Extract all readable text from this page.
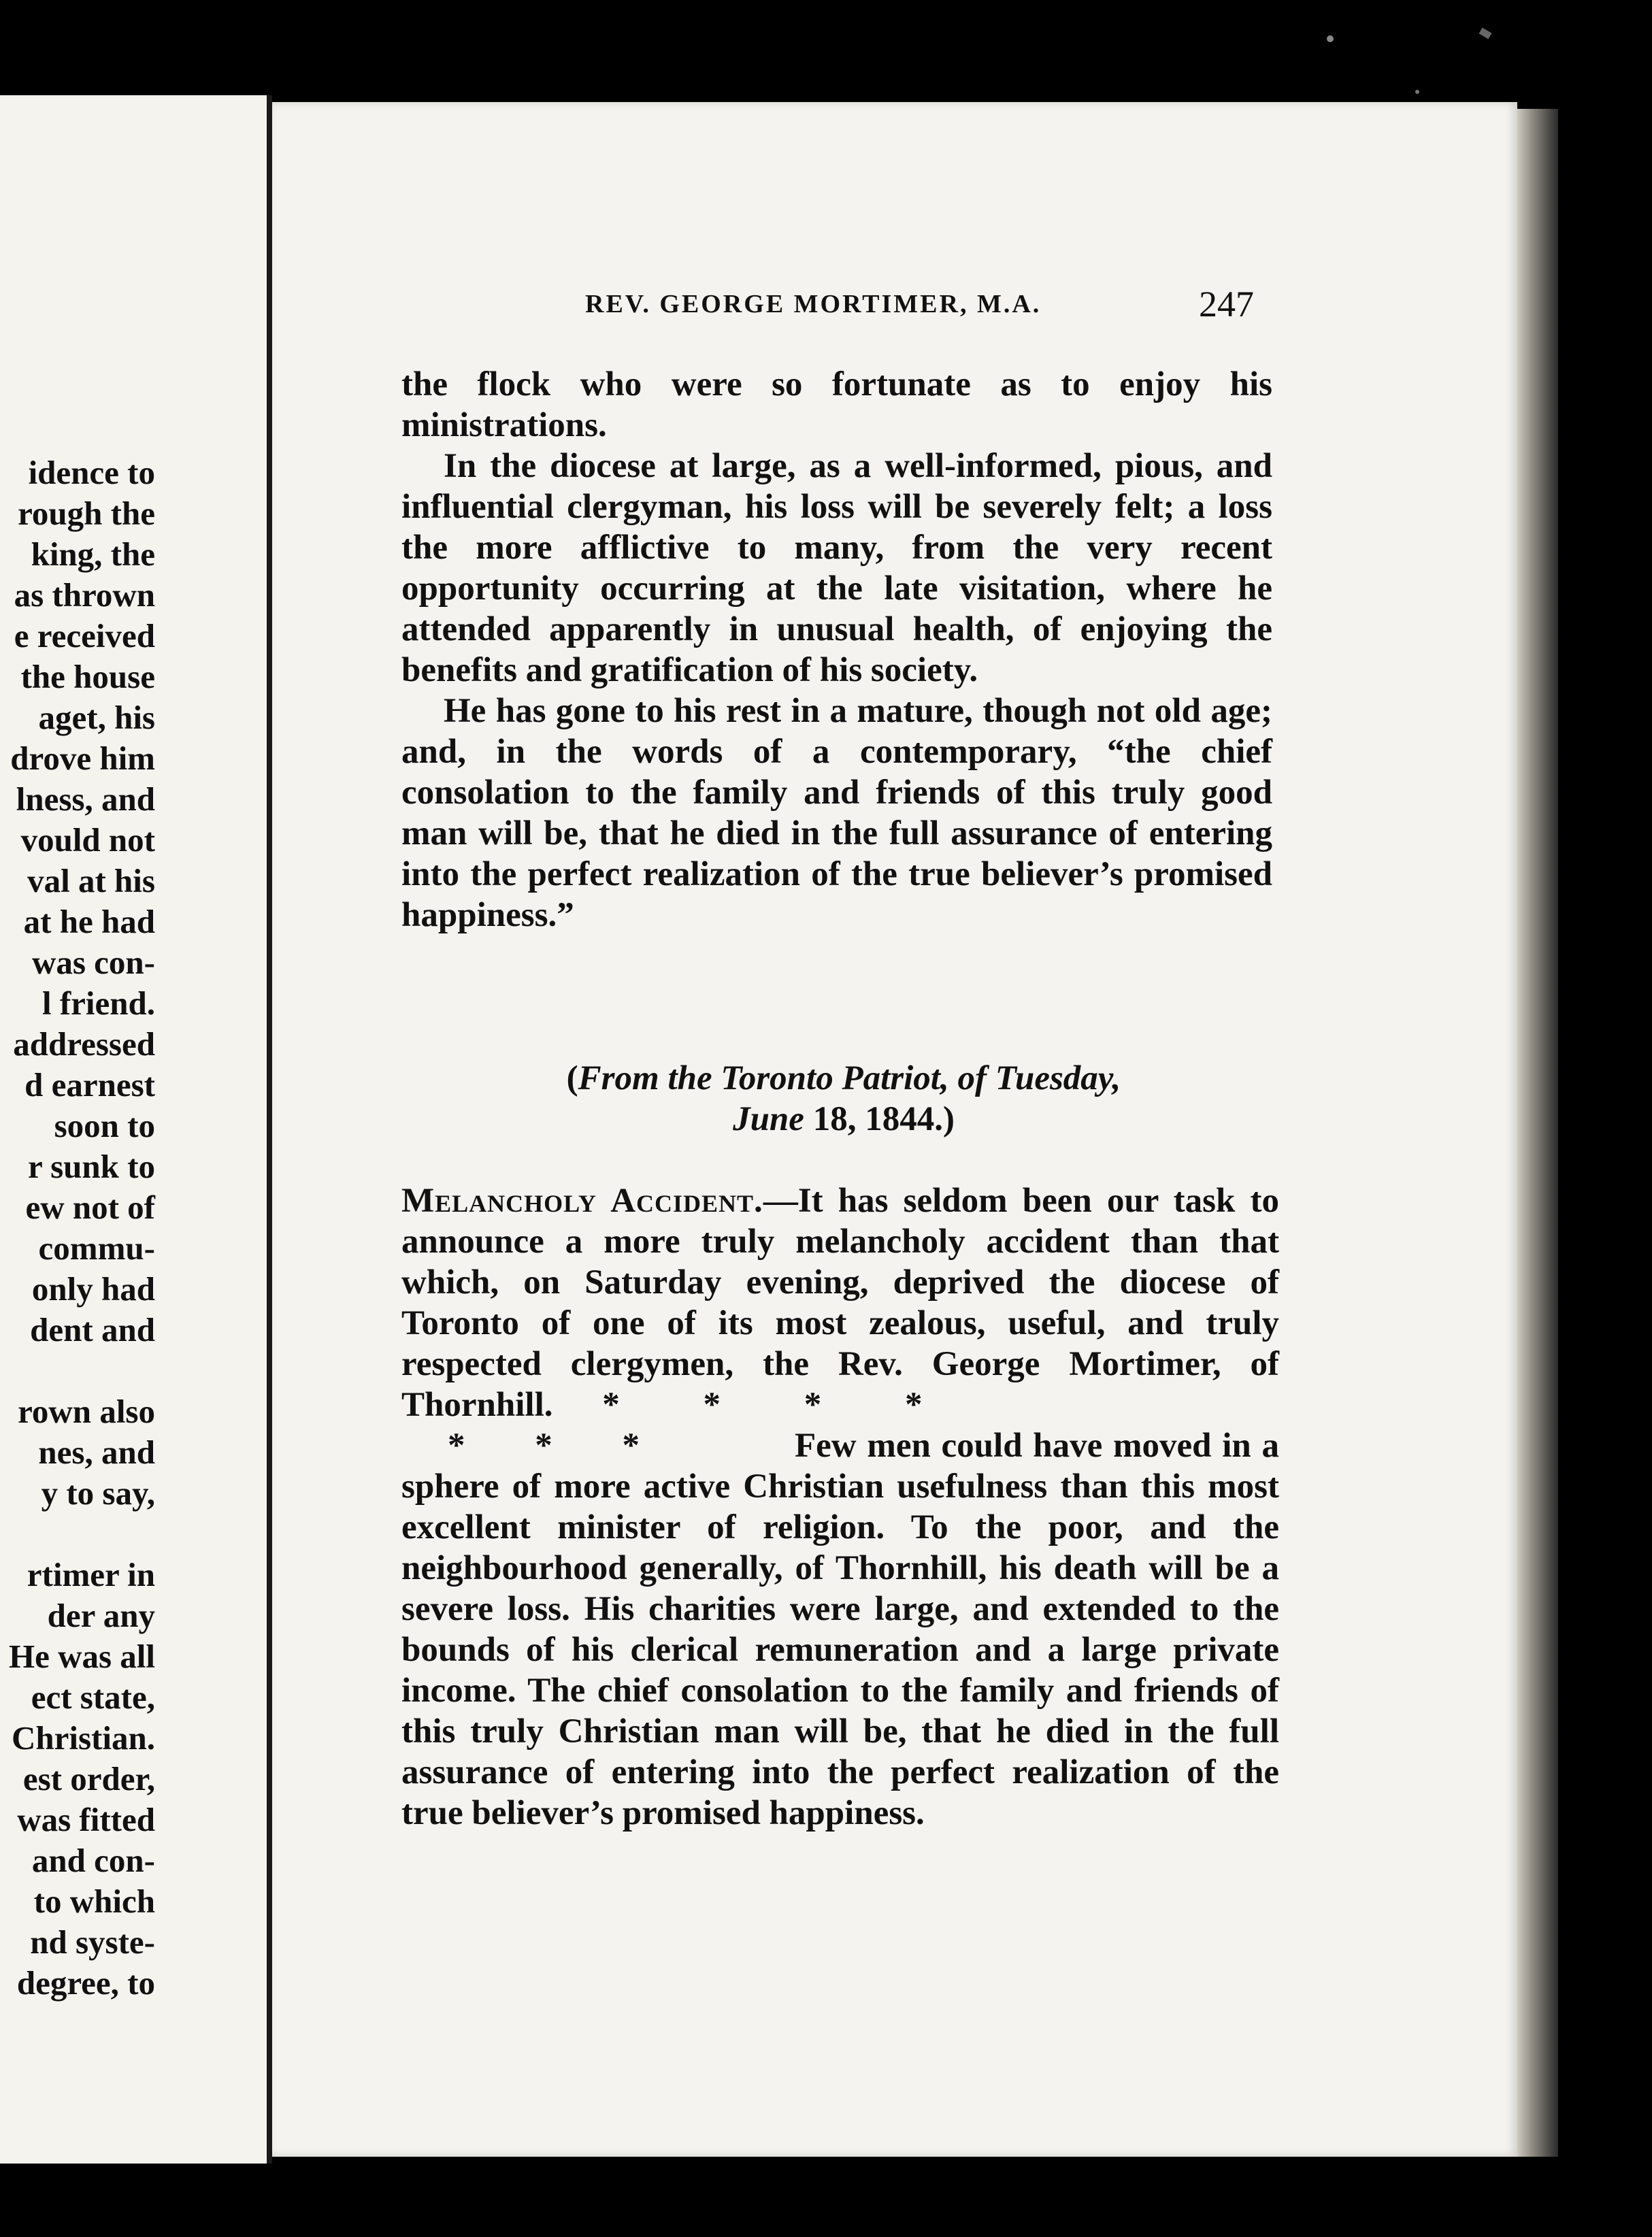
idence to
rough the
king, the
as thrown
e received
the house
aget, his
drove him
lness, and
vould not
val at his
at he had
was con-
l friend.
addressed
d earnest
soon to
r sunk to
ew not of
commu-
only had
dent and
rown also
nes, and
y to say,
rtimer in
der any
He was all
ect state,
Christian.
est order,
was fitted
and con-
to which
nd syste-
degree, to
REV. GEORGE MORTIMER, M.A.	247

the flock who were so fortunate as to enjoy his ministrations.

In the diocese at large, as a well-informed, pious, and influential clergyman, his loss will be severely felt; a loss the more afflictive to many, from the very recent opportunity occurring at the late visitation, where he attended apparently in unusual health, of enjoying the benefits and gratification of his society.

He has gone to his rest in a mature, though not old age; and, in the words of a contemporary, “the chief consolation to the family and friends of this truly good man will be, that he died in the full assurance of entering into the perfect realization of the true believer’s promised happiness.”

(From the Toronto Patriot, of Tuesday,
June 18, 1844.)

Melancholy Accident.—It has seldom been our task to announce a more truly melancholy accident than that which, on Saturday evening, deprived the diocese of Toronto of one of its most zealous, useful, and truly respected clergymen, the Rev. George Mortimer, of Thornhill. * * * *

* * *	Few men could have moved in a sphere of more active Christian usefulness than this most excellent minister of religion. To the poor, and the neighbourhood generally, of Thornhill, his death will be a severe loss. His charities were large, and extended to the bounds of his clerical remuneration and a large private income. The chief consolation to the family and friends of this truly Christian man will be, that he died in the full assurance of entering into the perfect realization of the true believer’s promised happiness.
